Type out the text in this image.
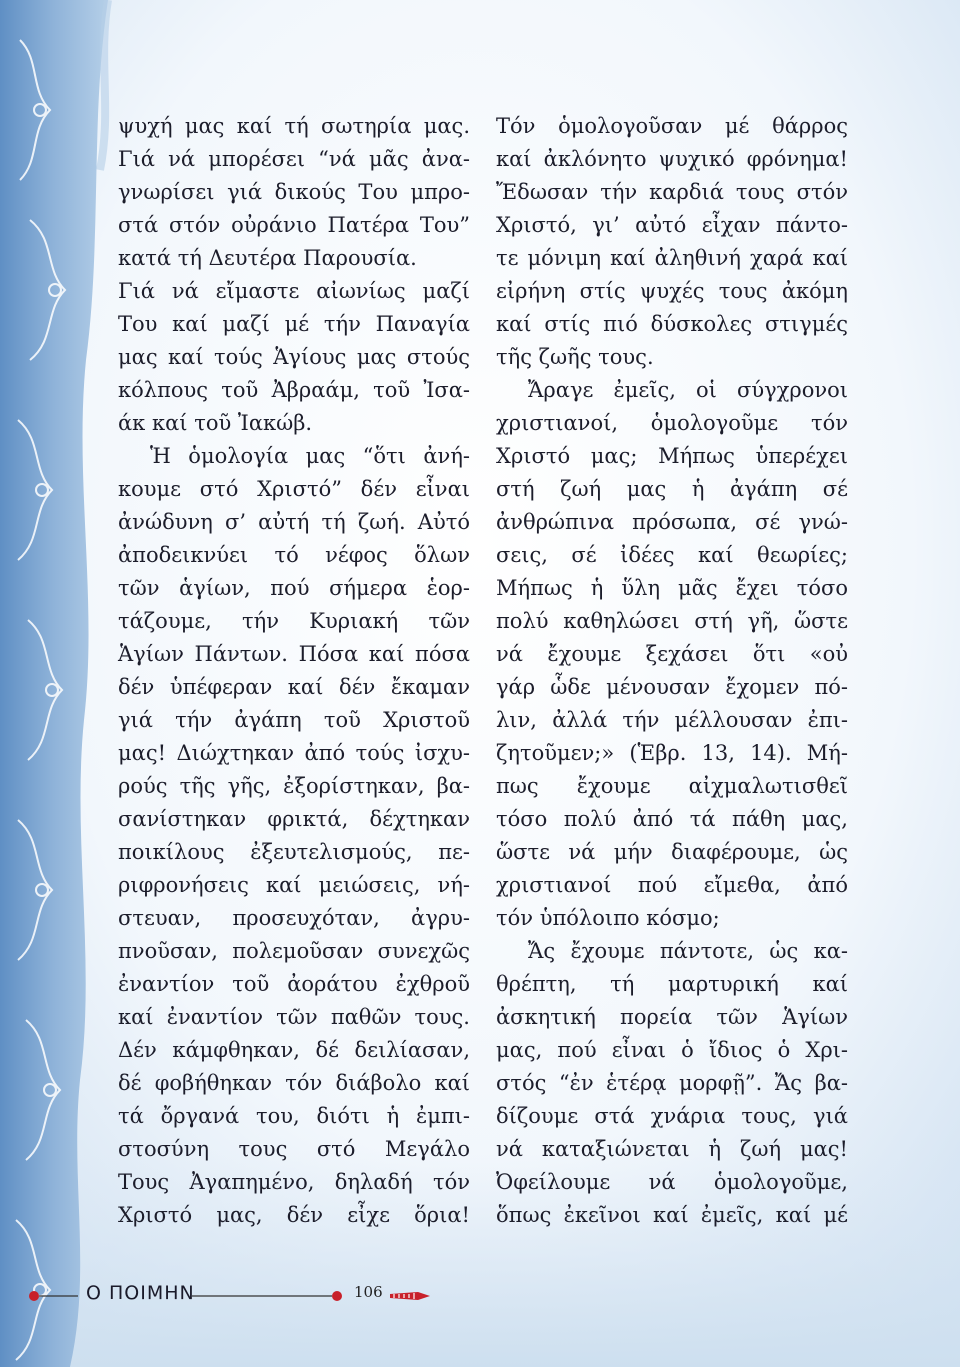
ψυχή μας καί τή σωτηρία μας.
Γιά νά μπορέσει “νά μᾶς ἀνα-
γνωρίσει γιά δικούς Του μπρο-
στά στόν οὐράνιο Πατέρα Του”
κατά τή Δευτέρα Παρουσία.
Γιά νά εἴμαστε αἰωνίως μαζί
Του καί μαζί μέ τήν Παναγία
μας καί τούς Ἁγίους μας στούς
κόλπους τοῦ Ἀβραάμ, τοῦ Ἰσα-
άκ καί τοῦ Ἰακώβ.
Ἡ ὁμολογία μας “ὅτι ἀνή-
κουμε στό Χριστό” δέν εἶναι
ἀνώδυνη σ’ αὐτή τή ζωή. Αὐτό
ἀποδεικνύει τό νέφος ὅλων
τῶν ἁγίων, πού σήμερα ἑορ-
τάζουμε, τήν Κυριακή τῶν
Ἁγίων Πάντων. Πόσα καί πόσα
δέν ὑπέφεραν καί δέν ἔκαμαν
γιά τήν ἀγάπη τοῦ Χριστοῦ
μας! Διώχτηκαν ἀπό τούς ἰσχυ-
ρούς τῆς γῆς, ἐξορίστηκαν, βα-
σανίστηκαν φρικτά, δέχτηκαν
ποικίλους ἐξευτελισμούς, πε-
ριφρονήσεις καί μειώσεις, νή-
στευαν, προσευχόταν, ἀγρυ-
πνοῦσαν, πολεμοῦσαν συνεχῶς
ἐναντίον τοῦ ἀοράτου ἐχθροῦ
καί ἐναντίον τῶν παθῶν τους.
Δέν κάμφθηκαν, δέ δειλίασαν,
δέ φοβήθηκαν τόν διάβολο καί
τά ὄργανά του, διότι ἡ ἐμπι-
στοσύνη τους στό Μεγάλο
Τους Ἀγαπημένο, δηλαδή τόν
Χριστό μας, δέν εἶχε ὅρια!
Τόν ὁμολογοῦσαν μέ θάρρος
καί ἀκλόνητο ψυχικό φρόνημα!
Ἔδωσαν τήν καρδιά τους στόν
Χριστό, γι’ αὐτό εἶχαν πάντο-
τε μόνιμη καί ἀληθινή χαρά καί
εἰρήνη στίς ψυχές τους ἀκόμη
καί στίς πιό δύσκολες στιγμές
τῆς ζωῆς τους.
Ἄραγε ἐμεῖς, οἱ σύγχρονοι
χριστιανοί, ὁμολογοῦμε τόν
Χριστό μας; Μήπως ὑπερέχει
στή ζωή μας ἡ ἀγάπη σέ
ἀνθρώπινα πρόσωπα, σέ γνώ-
σεις, σέ ἰδέες καί θεωρίες;
Μήπως ἡ ὕλη μᾶς ἔχει τόσο
πολύ καθηλώσει στή γῆ, ὥστε
νά ἔχουμε ξεχάσει ὅτι «οὐ
γάρ ὧδε μένουσαν ἔχομεν πό-
λιν, ἀλλά τήν μέλλουσαν ἐπι-
ζητοῦμεν;» (Ἑβρ. 13, 14). Μή-
πως ἔχουμε αἰχμαλωτισθεῖ
τόσο πολύ ἀπό τά πάθη μας,
ὥστε νά μήν διαφέρουμε, ὡς
χριστιανοί πού εἴμεθα, ἀπό
τόν ὑπόλοιπο κόσμο;
Ἄς ἔχουμε πάντοτε, ὡς κα-
θρέπτη, τή μαρτυρική καί
ἀσκητική πορεία τῶν Ἁγίων
μας, πού εἶναι ὁ ἴδιος ὁ Χρι-
στός “ἐν ἑτέρᾳ μορφῇ”. Ἄς βα-
δίζουμε στά χνάρια τους, γιά
νά καταξιώνεται ἡ ζωή μας!
Ὀφείλουμε νά ὁμολογοῦμε,
ὅπως ἐκεῖνοι καί ἐμεῖς, καί μέ
Ο ΠΟΙΜΗΝ	106
